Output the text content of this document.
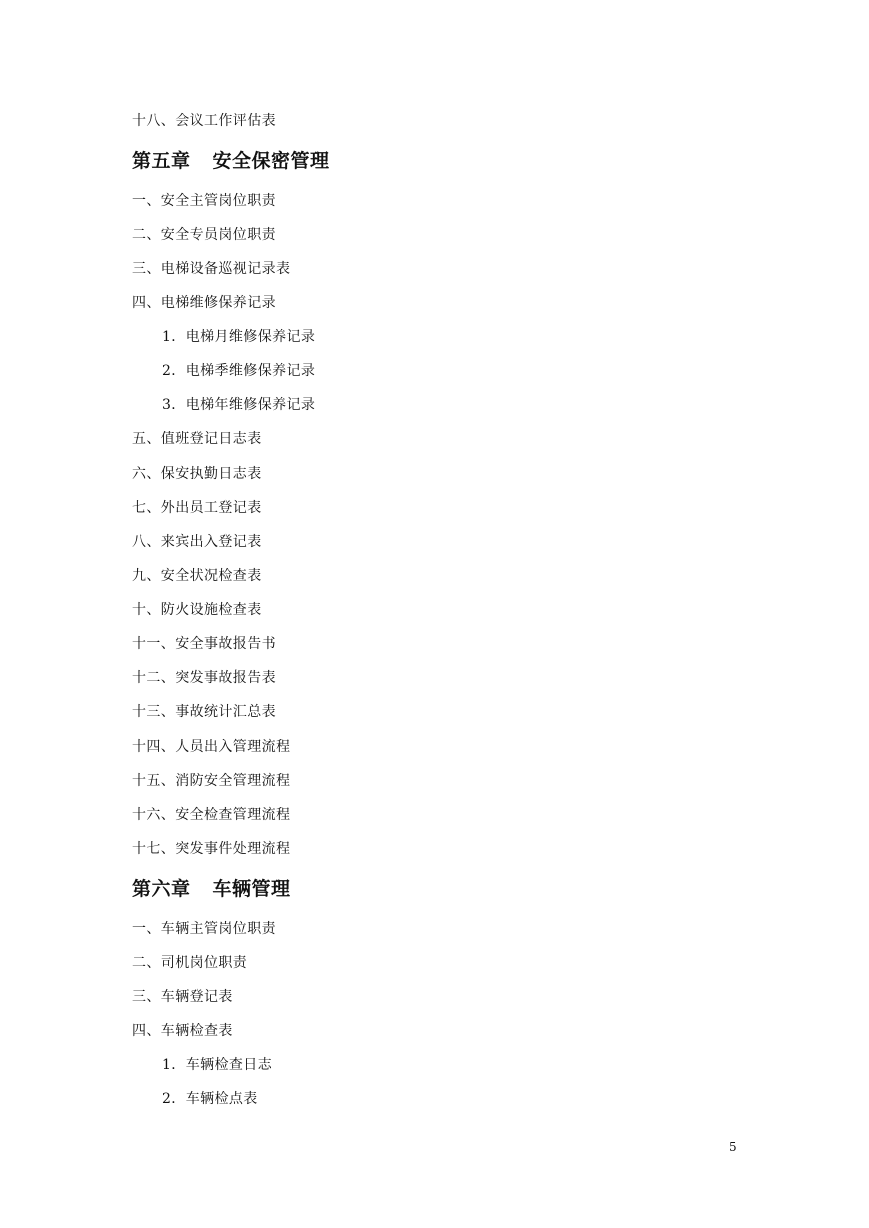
十八、会议工作评估表
第五章 安全保密管理
一、安全主管岗位职责
二、安全专员岗位职责
三、电梯设备巡视记录表
四、电梯维修保养记录
1．电梯月维修保养记录
2．电梯季维修保养记录
3．电梯年维修保养记录
五、值班登记日志表
六、保安执勤日志表
七、外出员工登记表
八、来宾出入登记表
九、安全状况检查表
十、防火设施检查表
十一、安全事故报告书
十二、突发事故报告表
十三、事故统计汇总表
十四、人员出入管理流程
十五、消防安全管理流程
十六、安全检查管理流程
十七、突发事件处理流程
第六章 车辆管理
一、车辆主管岗位职责
二、司机岗位职责
三、车辆登记表
四、车辆检查表
1．车辆检查日志
2．车辆检点表
5
